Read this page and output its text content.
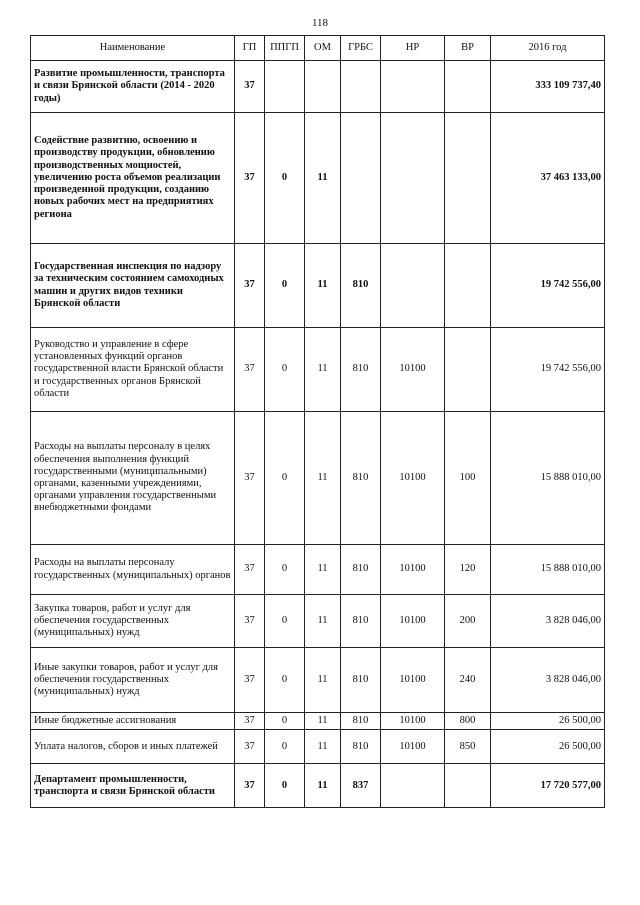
118
Наименование	ГП	ППГП	ОМ	ГРБС	НР	ВР	2016 год
Развитие промышленности, транспорта и связи Брянской области (2014 - 2020 годы)	37						333 109 737,40
Содействие развитию, освоению и производству продукции, обновлению производственных мощностей, увеличению роста объемов реализации произведенной продукции, созданию новых рабочих мест на предприятиях региона	37	0	11				37 463 133,00
Государственная инспекция по надзору за техническим состоянием самоходных машин и других видов техники Брянской области	37	0	11	810			19 742 556,00
Руководство и управление в сфере установленных функций органов государственной власти Брянской области и государственных органов Брянской области	37	0	11	810	10100		19 742 556,00
Расходы на выплаты персоналу в целях обеспечения выполнения функций государственными (муниципальными) органами, казенными учреждениями, органами управления государственными внебюджетными фондами	37	0	11	810	10100	100	15 888 010,00
Расходы на выплаты персоналу государственных (муниципальных) органов	37	0	11	810	10100	120	15 888 010,00
Закупка товаров, работ и услуг для обеспечения государственных (муниципальных) нужд	37	0	11	810	10100	200	3 828 046,00
Иные закупки товаров, работ и услуг для обеспечения государственных (муниципальных) нужд	37	0	11	810	10100	240	3 828 046,00
Иные бюджетные ассигнования	37	0	11	810	10100	800	26 500,00
Уплата налогов, сборов и иных платежей	37	0	11	810	10100	850	26 500,00
Департамент промышленности, транспорта и связи Брянской области	37	0	11	837			17 720 577,00
